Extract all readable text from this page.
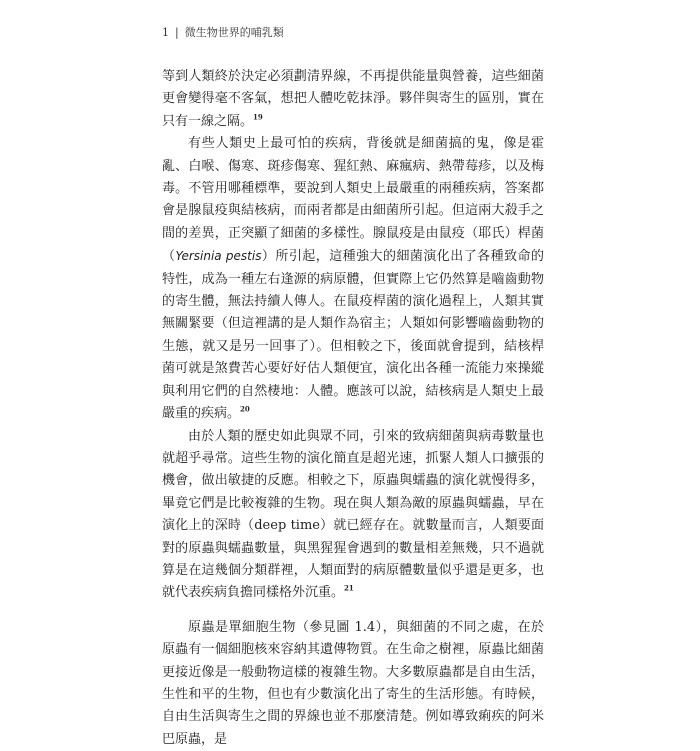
1 | 微生物世界的哺乳類

等到人類終於決定必須劃清界線，不再提供能量與營養，這些細菌更會變得毫不客氣，想把人體吃乾抹淨。夥伴與寄生的區別，實在只有一線之隔。$^{19}$

有些人類史上最可怕的疾病，背後就是細菌搞的鬼，像是霍亂、白喉、傷寒、斑疹傷寒、猩紅熱、麻瘋病、熱帶莓疹，以及梅毒。不管用哪種標準，要說到人類史上最嚴重的兩種疾病，答案都會是腺鼠疫與結核病，而兩者都是由細菌所引起。但這兩大殺手之間的差異，正突顯了細菌的多樣性。腺鼠疫是由鼠疫（耶氏）桿菌（Yersinia pestis）所引起，這種強大的細菌演化出了各種致命的特性，成為一種左右逢源的病原體，但實際上它仍然算是嚙齒動物的寄生體，無法持續人傳人。在鼠疫桿菌的演化過程上，人類其實無關緊要（但這裡講的是人類作為宿主；人類如何影響嚙齒動物的生態，就又是另一回事了）。但相較之下，後面就會提到，結核桿菌可就是煞費苦心要好好估人類便宜，演化出各種一流能力來操縱與利用它們的自然棲地：人體。應該可以說，結核病是人類史上最嚴重的疾病。$^{20}$

由於人類的歷史如此與眾不同，引來的致病細菌與病毒數量也就超乎尋常。這些生物的演化簡直是超光速，抓緊人類人口擴張的機會，做出敏捷的反應。相較之下，原蟲與蠕蟲的演化就慢得多，畢竟它們是比較複雜的生物。現在與人類為敵的原蟲與蠕蟲，早在演化上的深時（deep time）就已經存在。就數量而言，人類要面對的原蟲與蠕蟲數量，與黑猩猩會遇到的數量相差無幾，只不過就算是在這幾個分類群裡，人類面對的病原體數量似乎還是更多，也就代表疾病負擔同樣格外沉重。$^{21}$

原蟲是單細胞生物（參見圖 1.4），與細菌的不同之處，在於原蟲有一個細胞核來容納其遺傳物質。在生命之樹裡，原蟲比細菌更接近像是一般動物這樣的複雜生物。大多數原蟲都是自由生活，生性和平的生物，但也有少數演化出了寄生的生活形態。有時候，自由生活與寄生之間的界線也並不那麼清楚。例如導致痢疾的阿米巴原蟲，是
